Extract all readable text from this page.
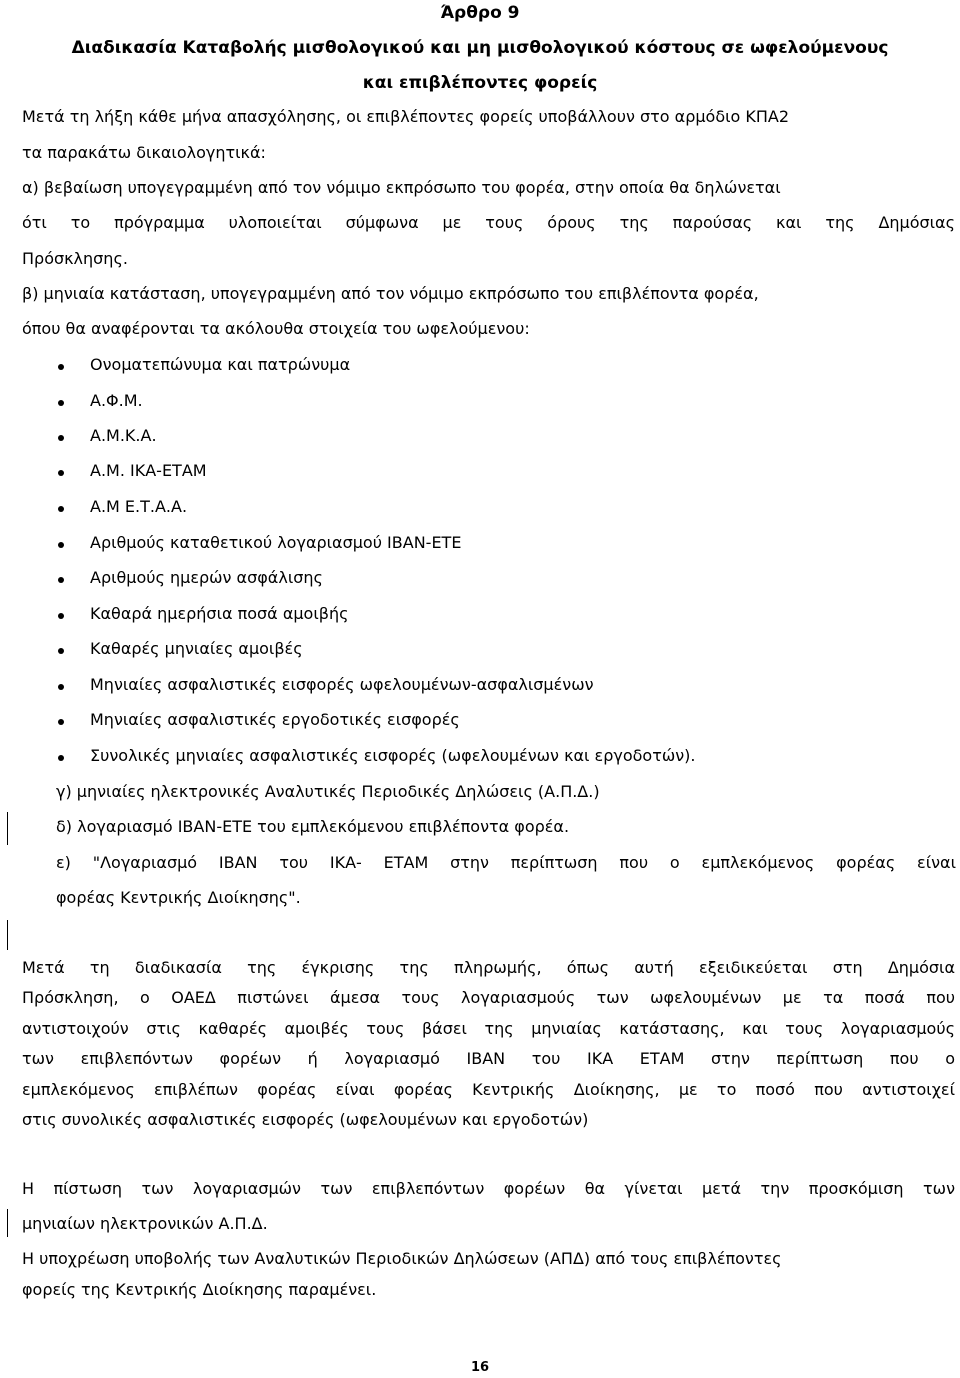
Άρθρο 9
Διαδικασία Καταβολής μισθολογικού και μη μισθολογικού κόστους σε ωφελούμενους
και επιβλέποντες φορείς
Μετά τη λήξη κάθε μήνα απασχόλησης, οι επιβλέποντες φορείς υποβάλλουν στο αρμόδιο ΚΠΑ2
τα παρακάτω δικαιολογητικά:
α) βεβαίωση υπογεγραμμένη από τον νόμιμο εκπρόσωπο του φορέα, στην οποία θα δηλώνεται
ότι το πρόγραμμα υλοποιείται σύμφωνα με τους όρους της παρούσας και της Δημόσιας
Πρόσκλησης.
β) μηνιαία κατάσταση, υπογεγραμμένη από τον νόμιμο εκπρόσωπο του επιβλέποντα φορέα,
όπου θα αναφέρονται τα ακόλουθα στοιχεία του ωφελούμενου:
Ονοματεπώνυμα και πατρώνυμα
Α.Φ.Μ.
Α.Μ.Κ.Α.
Α.Μ. ΙΚΑ-ΕΤΑΜ
Α.Μ Ε.Τ.Α.Α.
Αριθμούς καταθετικού λογαριασμού IBAN-ΕΤΕ
Αριθμούς ημερών ασφάλισης
Καθαρά ημερήσια ποσά αμοιβής
Καθαρές μηνιαίες αμοιβές
Μηνιαίες ασφαλιστικές εισφορές ωφελουμένων-ασφαλισμένων
Μηνιαίες ασφαλιστικές εργοδοτικές εισφορές
Συνολικές μηνιαίες ασφαλιστικές εισφορές (ωφελουμένων και εργοδοτών).
γ) μηνιαίες ηλεκτρονικές Αναλυτικές Περιοδικές Δηλώσεις (Α.Π.Δ.)
δ) λογαριασμό IBAN-ΕΤΕ του εμπλεκόμενου επιβλέποντα φορέα.
ε) "Λογαριασμό IBAN του ΙΚΑ- ΕΤΑΜ στην περίπτωση που ο εμπλεκόμενος φορέας είναι
φορέας Κεντρικής Διοίκησης".
Μετά τη διαδικασία της έγκρισης της πληρωμής, όπως αυτή εξειδικεύεται στη Δημόσια
Πρόσκληση, ο ΟΑΕΔ πιστώνει άμεσα τους λογαριασμούς των ωφελουμένων με τα ποσά που
αντιστοιχούν στις καθαρές αμοιβές τους βάσει της μηνιαίας κατάστασης, και τους λογαριασμούς
των επιβλεπόντων φορέων ή λογαριασμό IBAN του ΙΚΑ ΕΤΑΜ στην περίπτωση που ο
εμπλεκόμενος επιβλέπων φορέας είναι φορέας Κεντρικής Διοίκησης, με το ποσό που αντιστοιχεί
στις συνολικές ασφαλιστικές εισφορές (ωφελουμένων και εργοδοτών)
Η πίστωση των λογαριασμών των επιβλεπόντων φορέων θα γίνεται μετά την προσκόμιση των
μηνιαίων ηλεκτρονικών Α.Π.Δ.
Η υποχρέωση υποβολής των Αναλυτικών Περιοδικών Δηλώσεων (ΑΠΔ) από τους επιβλέποντες
φορείς της Κεντρικής Διοίκησης παραμένει.
16
